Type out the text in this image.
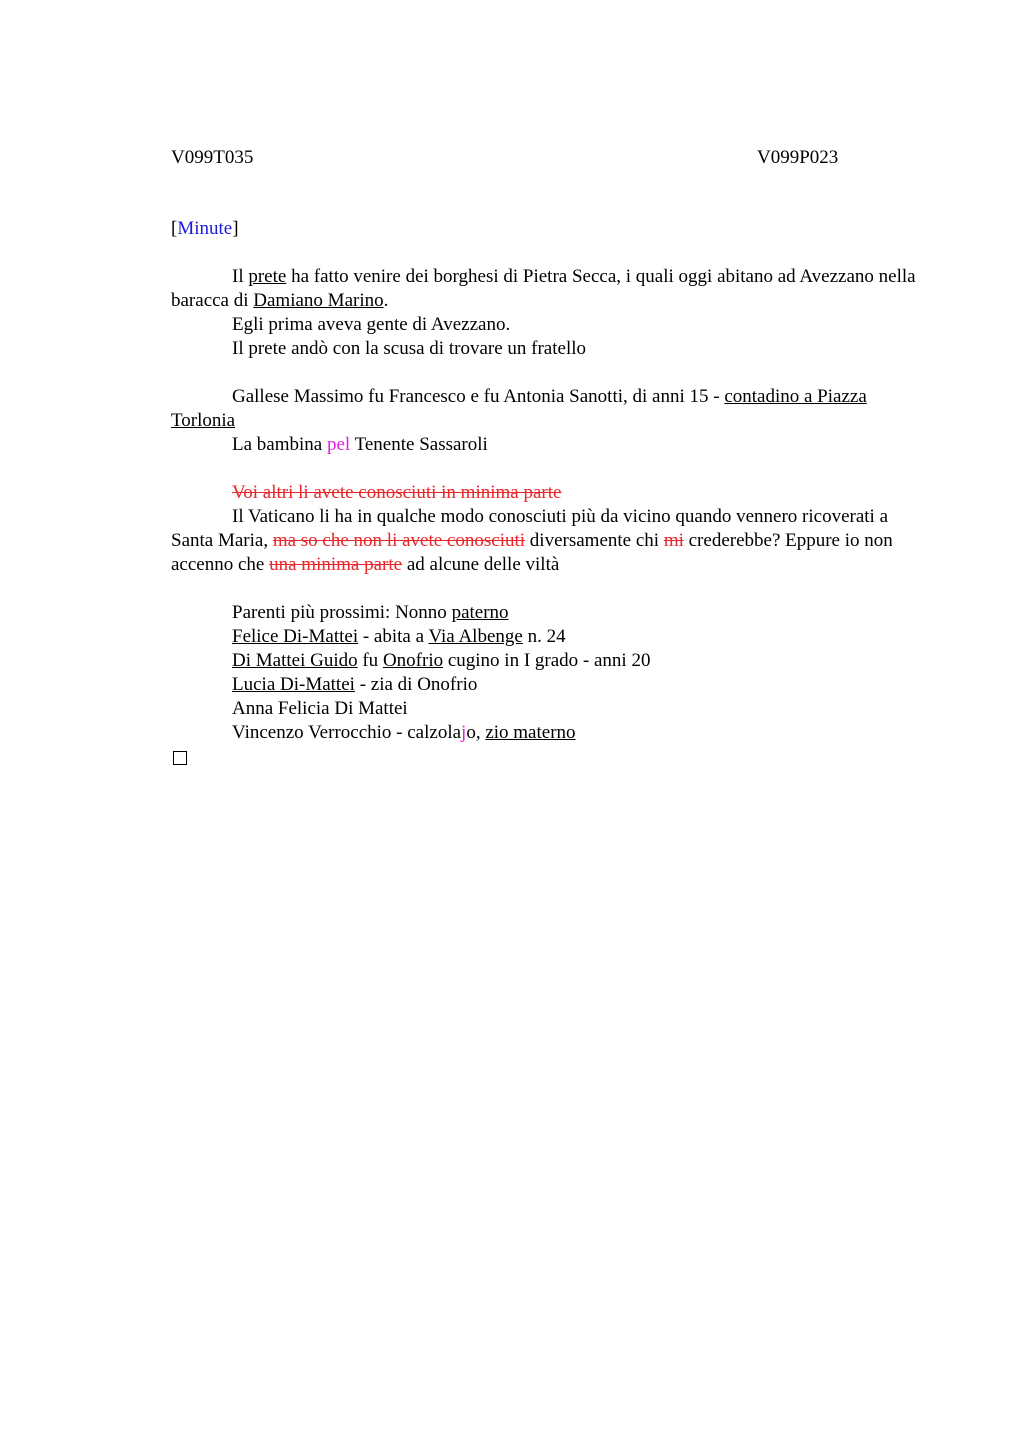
V099T035	V099P023
[Minute]
Il prete ha fatto venire dei borghesi di Pietra Secca, i quali oggi abitano ad Avezzano nella baracca di Damiano Marino.
Egli prima aveva gente di Avezzano.
Il prete andò con la scusa di trovare un fratello
Gallese Massimo fu Francesco e fu Antonia Sanotti, di anni 15 - contadino a Piazza Torlonia
La bambina pel Tenente Sassaroli
Voi altri li avete conosciuti in minima parte
Il Vaticano li ha in qualche modo conosciuti più da vicino quando vennero ricoverati a Santa Maria, ma so che non li avete conosciuti diversamente chi mi crederebbe? Eppure io non accenno che una minima parte ad alcune delle viltà
Parenti più prossimi: Nonno paterno
Felice Di-Mattei - abita a Via Albenge n. 24
Di Mattei Guido fu Onofrio cugino in I grado - anni 20
Lucia Di-Mattei - zia di Onofrio
Anna Felicia Di Mattei
Vincenzo Verrocchio - calzolajo, zio materno
